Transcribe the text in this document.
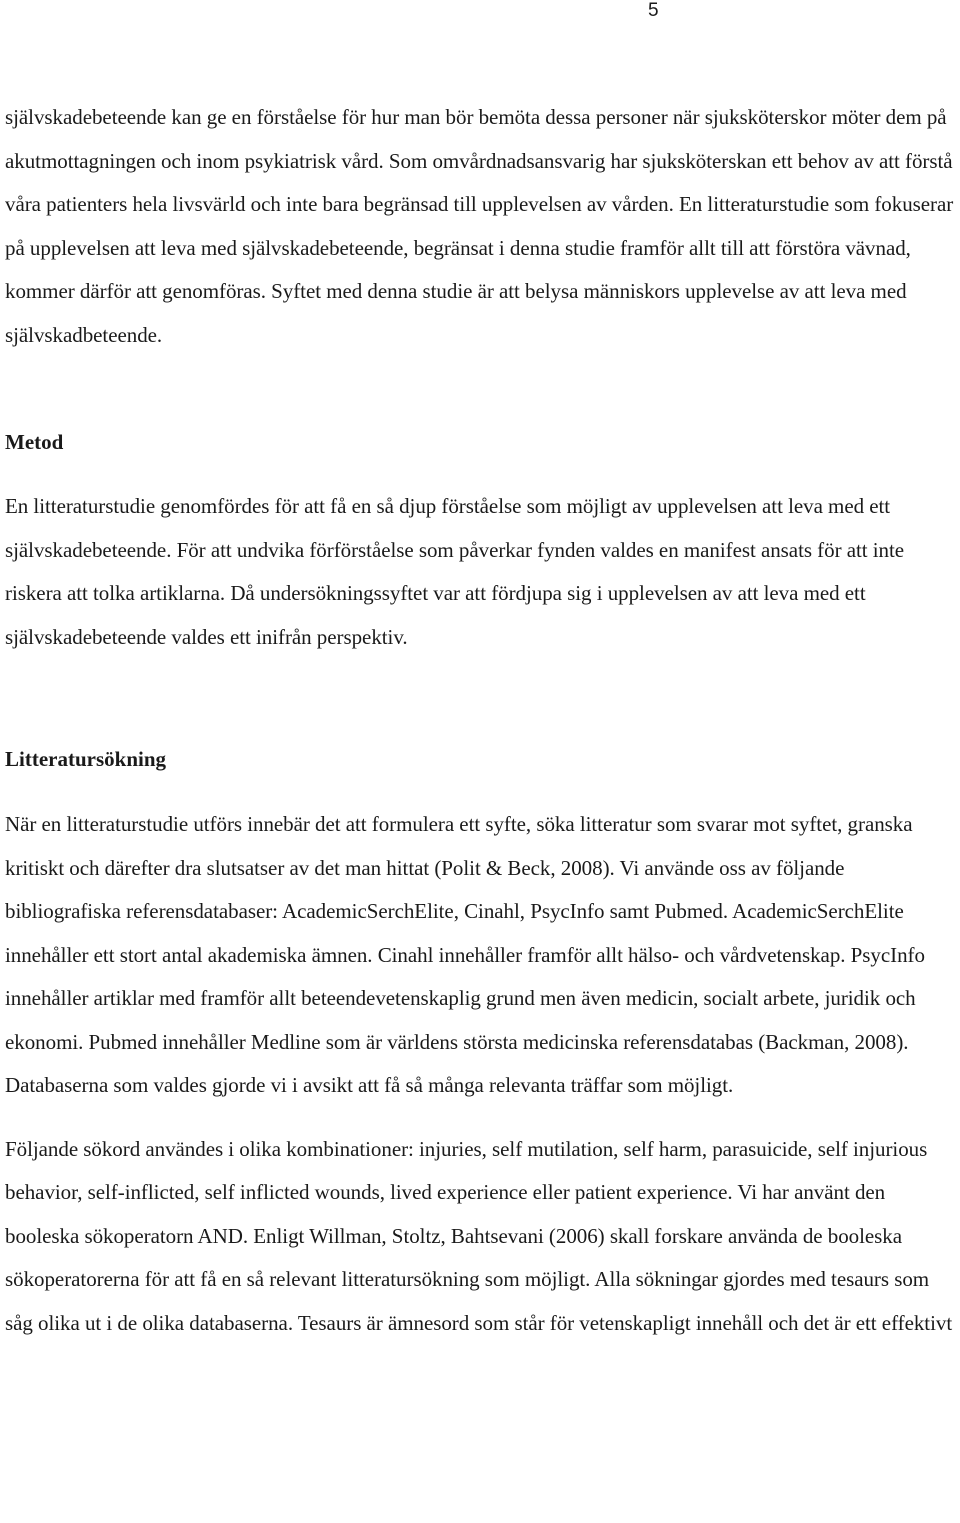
5

självskadebeteende kan ge en förståelse för hur man bör bemöta dessa personer när sjuksköterskor möter dem på akutmottagningen och inom psykiatrisk vård. Som omvårdnadsansvarig har sjuksköterskan ett behov av att förstå våra patienters hela livsvärld och inte bara begränsad till upplevelsen av vården. En litteraturstudie som fokuserar på upplevelsen att leva med självskadebeteende, begränsat i denna studie framför allt till att förstöra vävnad, kommer därför att genomföras. Syftet med denna studie är att belysa människors upplevelse av att leva med självskadbeteende.

Metod

En litteraturstudie genomfördes för att få en så djup förståelse som möjligt av upplevelsen att leva med ett självskadebeteende. För att undvika förförståelse som påverkar fynden valdes en manifest ansats för att inte riskera att tolka artiklarna. Då undersökningssyftet var att fördjupa sig i upplevelsen av att leva med ett självskadebeteende valdes ett inifrån perspektiv.

Litteratursökning

När en litteraturstudie utförs innebär det att formulera ett syfte, söka litteratur som svarar mot syftet, granska kritiskt och därefter dra slutsatser av det man hittat (Polit & Beck, 2008). Vi använde oss av följande bibliografiska referensdatabaser: AcademicSerchElite, Cinahl, PsycInfo samt Pubmed. AcademicSerchElite innehåller ett stort antal akademiska ämnen. Cinahl innehåller framför allt hälso- och vårdvetenskap. PsycInfo innehåller artiklar med framför allt beteendevetenskaplig grund men även medicin, socialt arbete, juridik och ekonomi. Pubmed innehåller Medline som är världens största medicinska referensdatabas (Backman, 2008). Databaserna som valdes gjorde vi i avsikt att få så många relevanta träffar som möjligt.

Följande sökord användes i olika kombinationer: injuries, self mutilation, self harm, parasuicide, self injurious behavior, self-inflicted, self inflicted wounds, lived experience eller patient experience. Vi har använt den booleska sökoperatorn AND. Enligt Willman, Stoltz, Bahtsevani (2006) skall forskare använda de booleska sökoperatorerna för att få en så relevant litteratursökning som möjligt. Alla sökningar gjordes med tesaurs som såg olika ut i de olika databaserna. Tesaurs är ämnesord som står för vetenskapligt innehåll och det är ett effektivt
